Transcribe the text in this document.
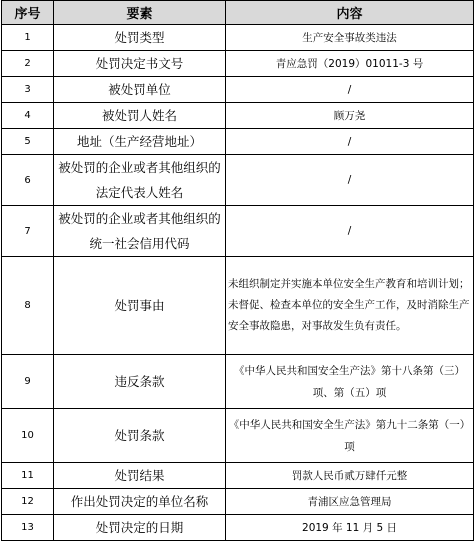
序号	要素	内容
1	处罚类型	生产安全事故类违法
2	处罚决定书文号	青应急罚（2019）01011-3 号
3	被处罚单位	/
4	被处罚人姓名	顾万尧
5	地址（生产经营地址）	/
6	被处罚的企业或者其他组织的法定代表人姓名	/
7	被处罚的企业或者其他组织的统一社会信用代码	/
8	处罚事由	未组织制定并实施本单位安全生产教育和培训计划；未督促、检查本单位的安全生产工作，及时消除生产安全事故隐患，对事故发生负有责任。
9	违反条款	《中华人民共和国安全生产法》第十八条第（三）项、第（五）项
10	处罚条款	《中华人民共和国安全生产法》第九十二条第（一）项
11	处罚结果	罚款人民币贰万肆仟元整
12	作出处罚决定的单位名称	青浦区应急管理局
13	处罚决定的日期	2019 年 11 月 5 日
